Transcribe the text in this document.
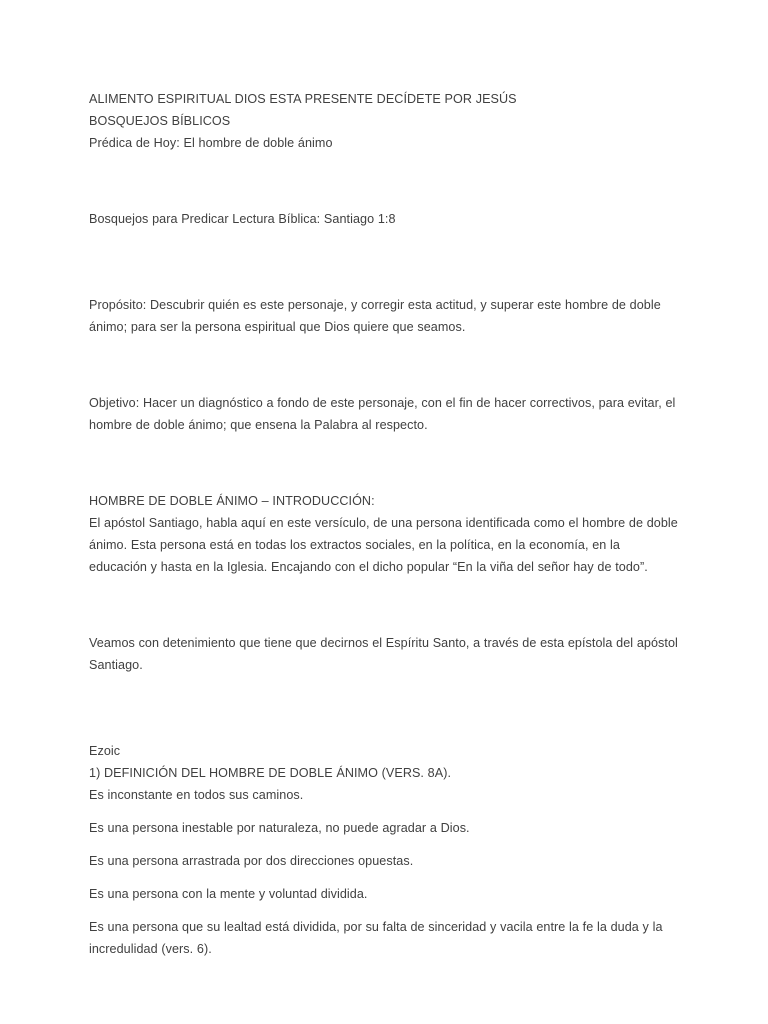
ALIMENTO ESPIRITUAL DIOS ESTA PRESENTE DECÍDETE POR JESÚS

BOSQUEJOS BÍBLICOS

Prédica de Hoy: El hombre de doble ánimo

Bosquejos para Predicar Lectura Bíblica: Santiago 1:8

Propósito: Descubrir quién es este personaje, y corregir esta actitud, y superar este hombre de doble ánimo; para ser la persona espiritual que Dios quiere que seamos.

Objetivo: Hacer un diagnóstico a fondo de este personaje, con el fin de hacer correctivos, para evitar, el hombre de doble ánimo; que ensena la Palabra al respecto.

HOMBRE DE DOBLE ÁNIMO – INTRODUCCIÓN:

El apóstol Santiago, habla aquí en este versículo, de una persona identificada como el hombre de doble ánimo. Esta persona está en todas los extractos sociales, en la política, en la economía, en la educación y hasta en la Iglesia. Encajando con el dicho popular “En la viña del señor hay de todo”.

Veamos con detenimiento que tiene que decirnos el Espíritu Santo, a través de esta epístola del apóstol Santiago.

Ezoic

1) DEFINICIÓN DEL HOMBRE DE DOBLE ÁNIMO (VERS. 8A).

Es inconstante en todos sus caminos.

Es una persona inestable por naturaleza, no puede agradar a Dios.

Es una persona arrastrada por dos direcciones opuestas.

Es una persona con la mente y voluntad dividida.

Es una persona que su lealtad está dividida, por su falta de sinceridad y vacila entre la fe la duda y la incredulidad (vers. 6).
